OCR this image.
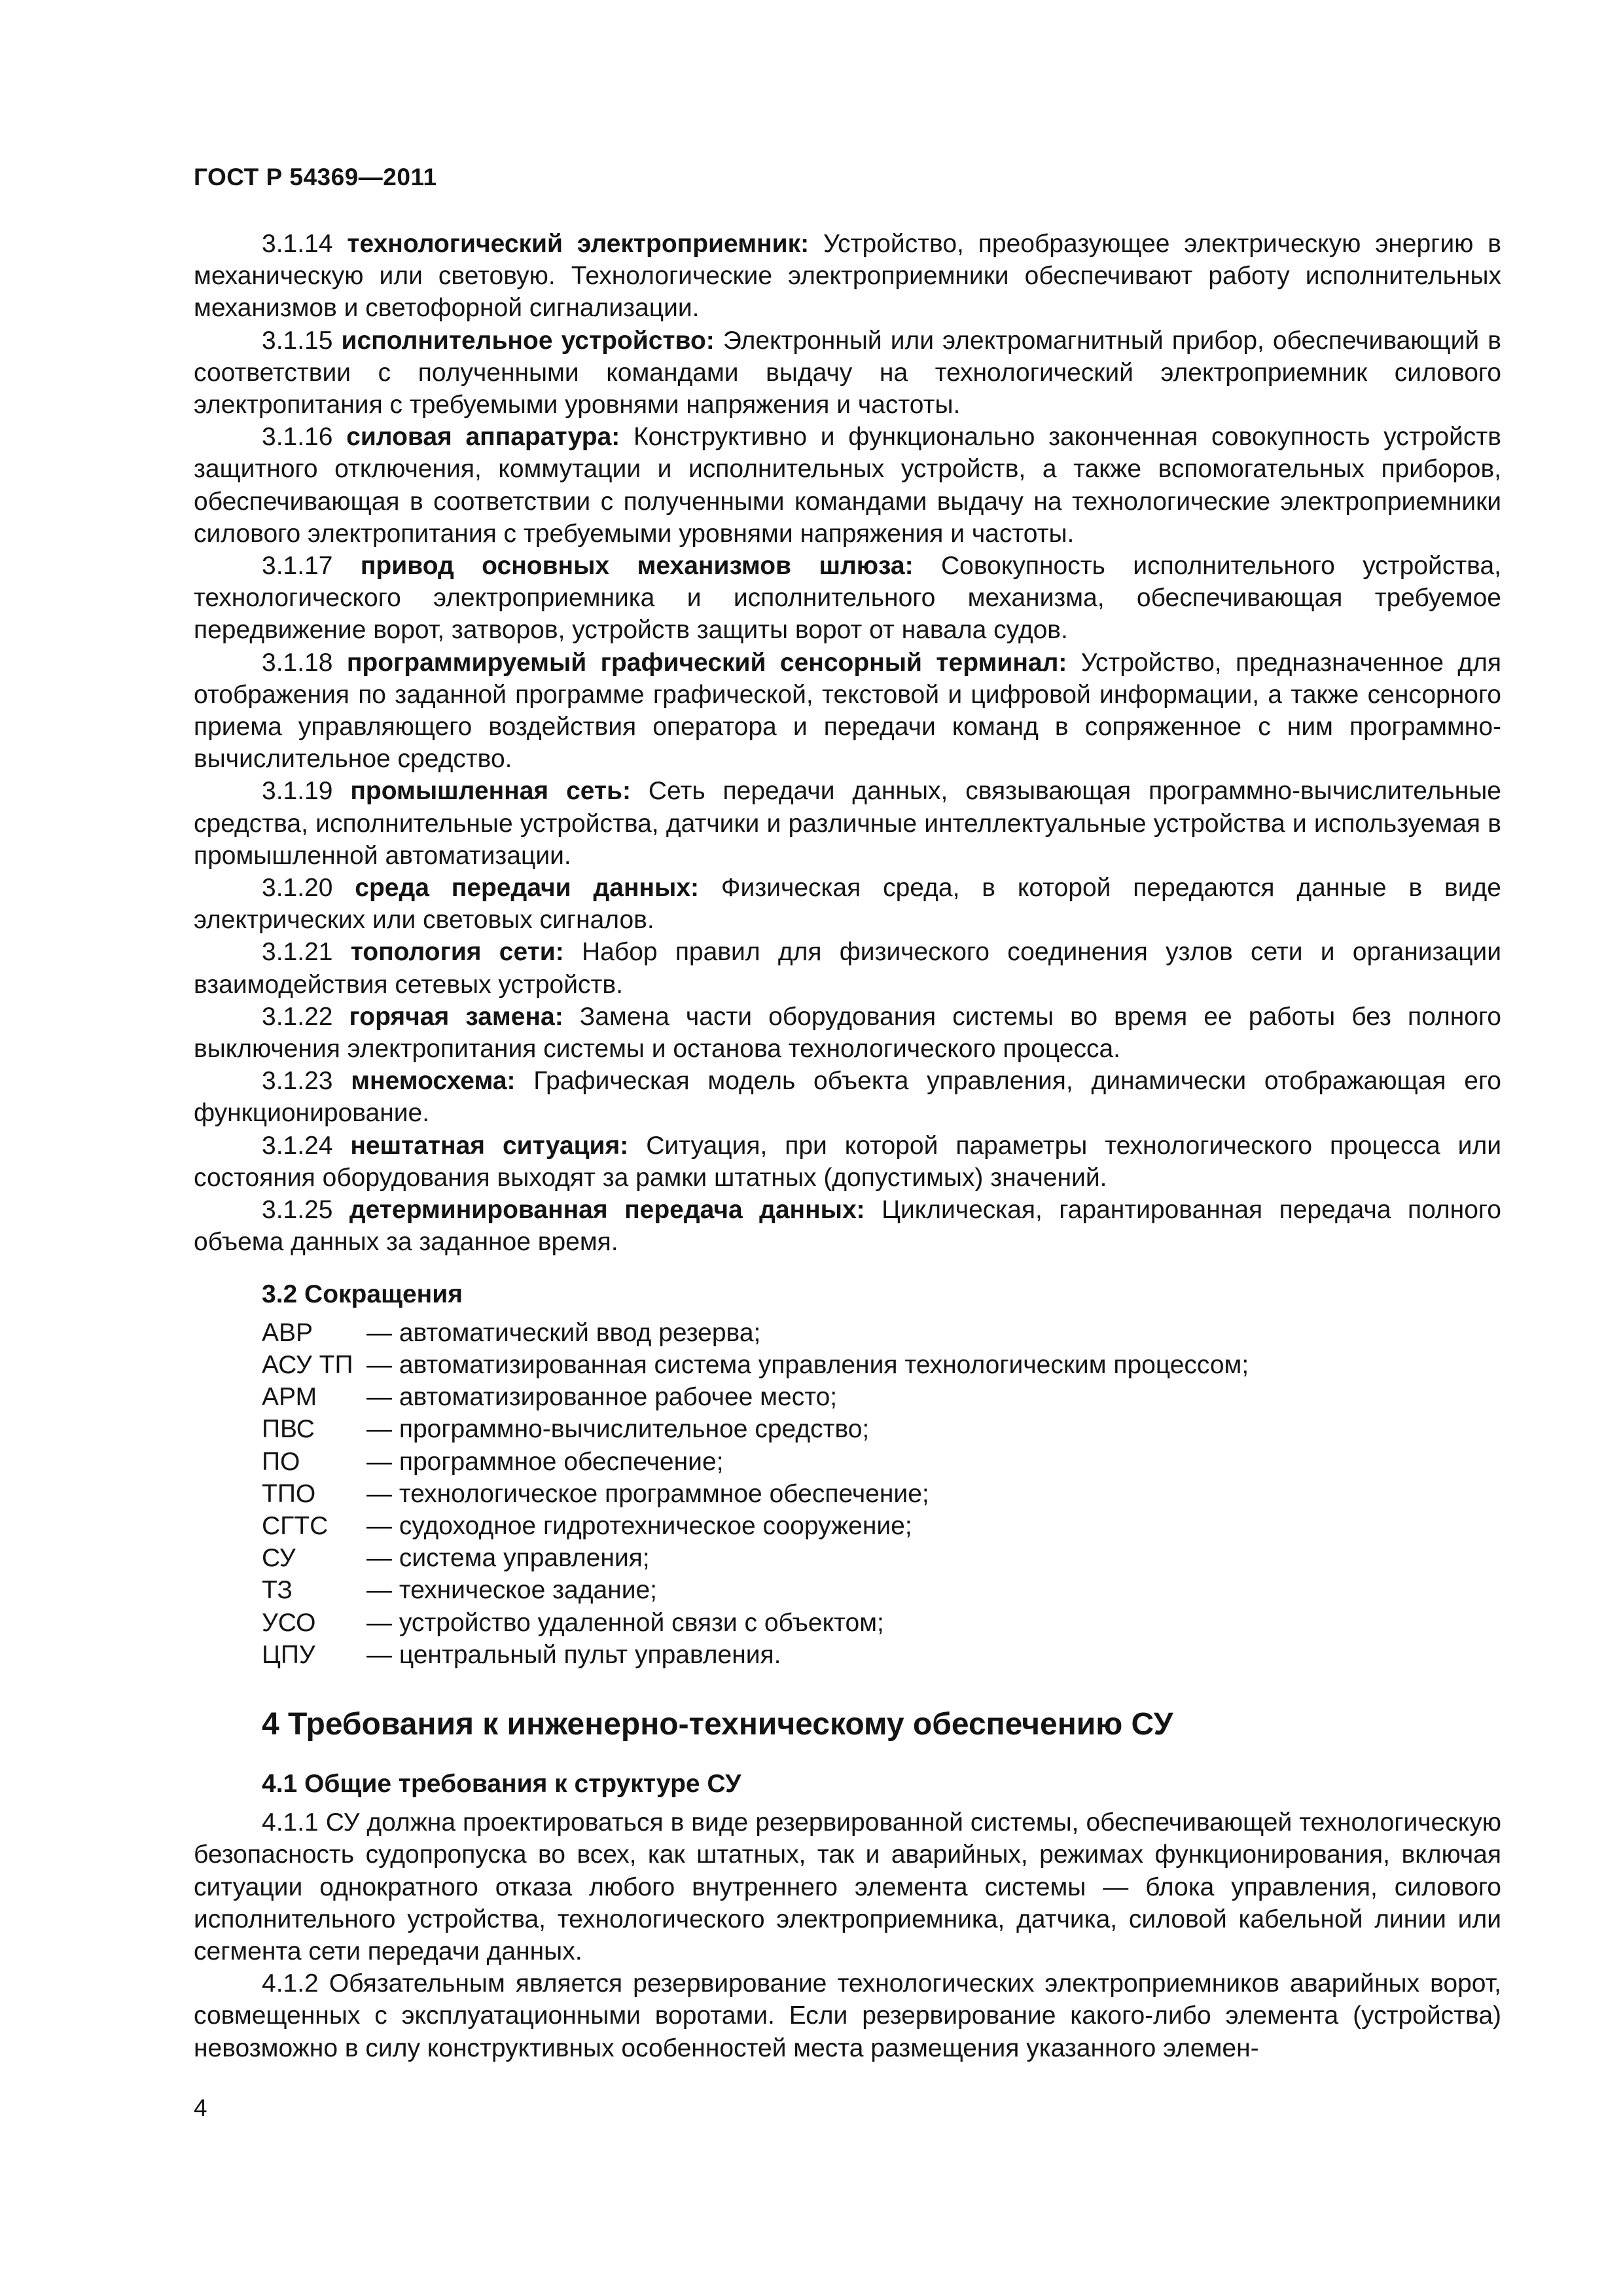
ГОСТ Р 54369—2011

3.1.14 технологический электроприемник: Устройство, преобразующее электрическую энергию в механическую или световую. Технологические электроприемники обеспечивают работу исполнительных механизмов и светофорной сигнализации.

3.1.15 исполнительное устройство: Электронный или электромагнитный прибор, обеспечивающий в соответствии с полученными командами выдачу на технологический электроприемник силового электропитания с требуемыми уровнями напряжения и частоты.

3.1.16 силовая аппаратура: Конструктивно и функционально законченная совокупность устройств защитного отключения, коммутации и исполнительных устройств, а также вспомогательных приборов, обеспечивающая в соответствии с полученными командами выдачу на технологические электроприемники силового электропитания с требуемыми уровнями напряжения и частоты.

3.1.17 привод основных механизмов шлюза: Совокупность исполнительного устройства, технологического электроприемника и исполнительного механизма, обеспечивающая требуемое передвижение ворот, затворов, устройств защиты ворот от навала судов.

3.1.18 программируемый графический сенсорный терминал: Устройство, предназначенное для отображения по заданной программе графической, текстовой и цифровой информации, а также сенсорного приема управляющего воздействия оператора и передачи команд в сопряженное с ним программно-вычислительное средство.

3.1.19 промышленная сеть: Сеть передачи данных, связывающая программно-вычислительные средства, исполнительные устройства, датчики и различные интеллектуальные устройства и используемая в промышленной автоматизации.

3.1.20 среда передачи данных: Физическая среда, в которой передаются данные в виде электрических или световых сигналов.

3.1.21 топология сети: Набор правил для физического соединения узлов сети и организации взаимодействия сетевых устройств.

3.1.22 горячая замена: Замена части оборудования системы во время ее работы без полного выключения электропитания системы и останова технологического процесса.

3.1.23 мнемосхема: Графическая модель объекта управления, динамически отображающая его функционирование.

3.1.24 нештатная ситуация: Ситуация, при которой параметры технологического процесса или состояния оборудования выходят за рамки штатных (допустимых) значений.

3.1.25 детерминированная передача данных: Циклическая, гарантированная передача полного объема данных за заданное время.

3.2 Сокращения
АВР	— автоматический ввод резерва;
АСУ ТП — автоматизированная система управления технологическим процессом;
АРМ	— автоматизированное рабочее место;
ПВС	— программно-вычислительное средство;
ПО	— программное обеспечение;
ТПО	— технологическое программное обеспечение;
СГТС	— судоходное гидротехническое сооружение;
СУ	— система управления;
ТЗ	— техническое задание;
УСО	— устройство удаленной связи с объектом;
ЦПУ	— центральный пульт управления.
4 Требования к инженерно-техническому обеспечению СУ
4.1 Общие требования к структуре СУ

4.1.1 СУ должна проектироваться в виде резервированной системы, обеспечивающей технологическую безопасность судопропуска во всех, как штатных, так и аварийных, режимах функционирования, включая ситуации однократного отказа любого внутреннего элемента системы — блока управления, силового исполнительного устройства, технологического электроприемника, датчика, силовой кабельной линии или сегмента сети передачи данных.

4.1.2 Обязательным является резервирование технологических электроприемников аварийных ворот, совмещенных с эксплуатационными воротами. Если резервирование какого-либо элемента (устройства) невозможно в силу конструктивных особенностей места размещения указанного элемен-

4
